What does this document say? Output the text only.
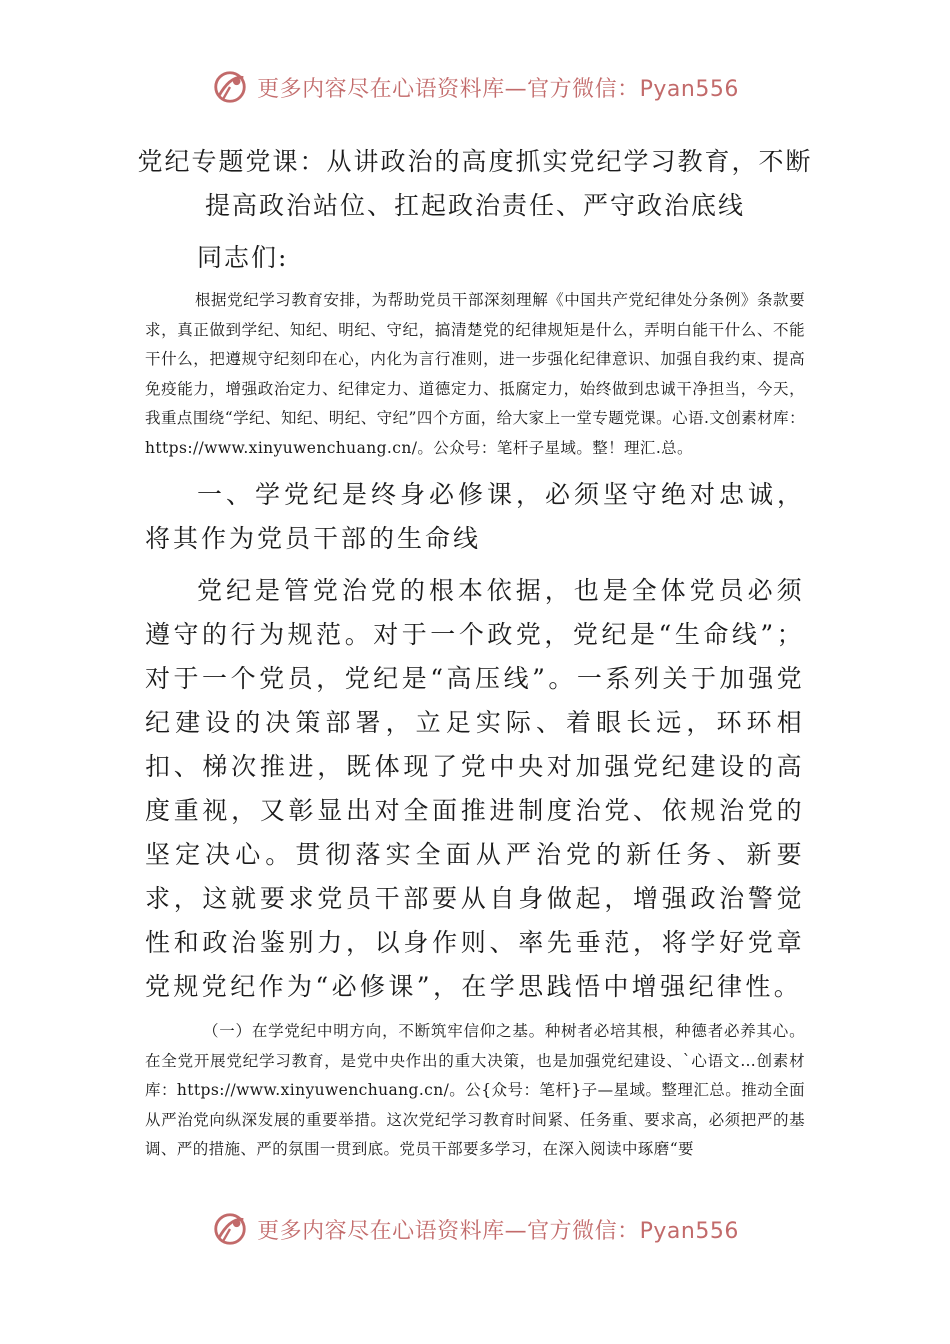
更多内容尽在心语资料库—官方微信：Pyan556
党纪专题党课：从讲政治的高度抓实党纪学习教育，不断提高政治站位、扛起政治责任、严守政治底线
同志们:
根据党纪学习教育安排，为帮助党员干部深刻理解《中国共产党纪律处分条例》条款要求，真正做到学纪、知纪、明纪、守纪，搞清楚党的纪律规矩是什么，弄明白能干什么、不能干什么，把遵规守纪刻印在心，内化为言行准则，进一步强化纪律意识、加强自我约束、提高免疫能力，增强政治定力、纪律定力、道德定力、抵腐定力，始终做到忠诚干净担当，今天，我重点围绕“学纪、知纪、明纪、守纪”四个方面，给大家上一堂专题党课。心语.文创素材库：https://www.xinyuwenchuang.cn/。公众号：笔杆子星域。整！理汇.总。
一、学党纪是终身必修课，必须坚守绝对忠诚，将其作为党员干部的生命线
党纪是管党治党的根本依据，也是全体党员必须遵守的行为规范。对于一个政党，党纪是“生命线”；对于一个党员，党纪是“高压线”。一系列关于加强党纪建设的决策部署，立足实际、着眼长远，环环相扣、梯次推进，既体现了党中央对加强党纪建设的高度重视，又彰显出对全面推进制度治党、依规治党的坚定决心。贯彻落实全面从严治党的新任务、新要求，这就要求党员干部要从自身做起，增强政治警觉性和政治鉴别力，以身作则、率先垂范，将学好党章党规党纪作为“必修课”，在学思践悟中增强纪律性。
（一）在学党纪中明方向，不断筑牢信仰之基。种树者必培其根，种德者必养其心。在全党开展党纪学习教育，是党中央作出的重大决策，也是加强党纪建设、`心语文…创素材库：https://www.xinyuwenchuang.cn/。公{众号：笔杆}子—星域。整理汇总。推动全面从严治党向纵深发展的重要举措。这次党纪学习教育时间紧、任务重、要求高，必须把严的基调、严的措施、严的氛围一贯到底。党员干部要多学习，在深入阅读中琢磨“要
更多内容尽在心语资料库—官方微信：Pyan556
